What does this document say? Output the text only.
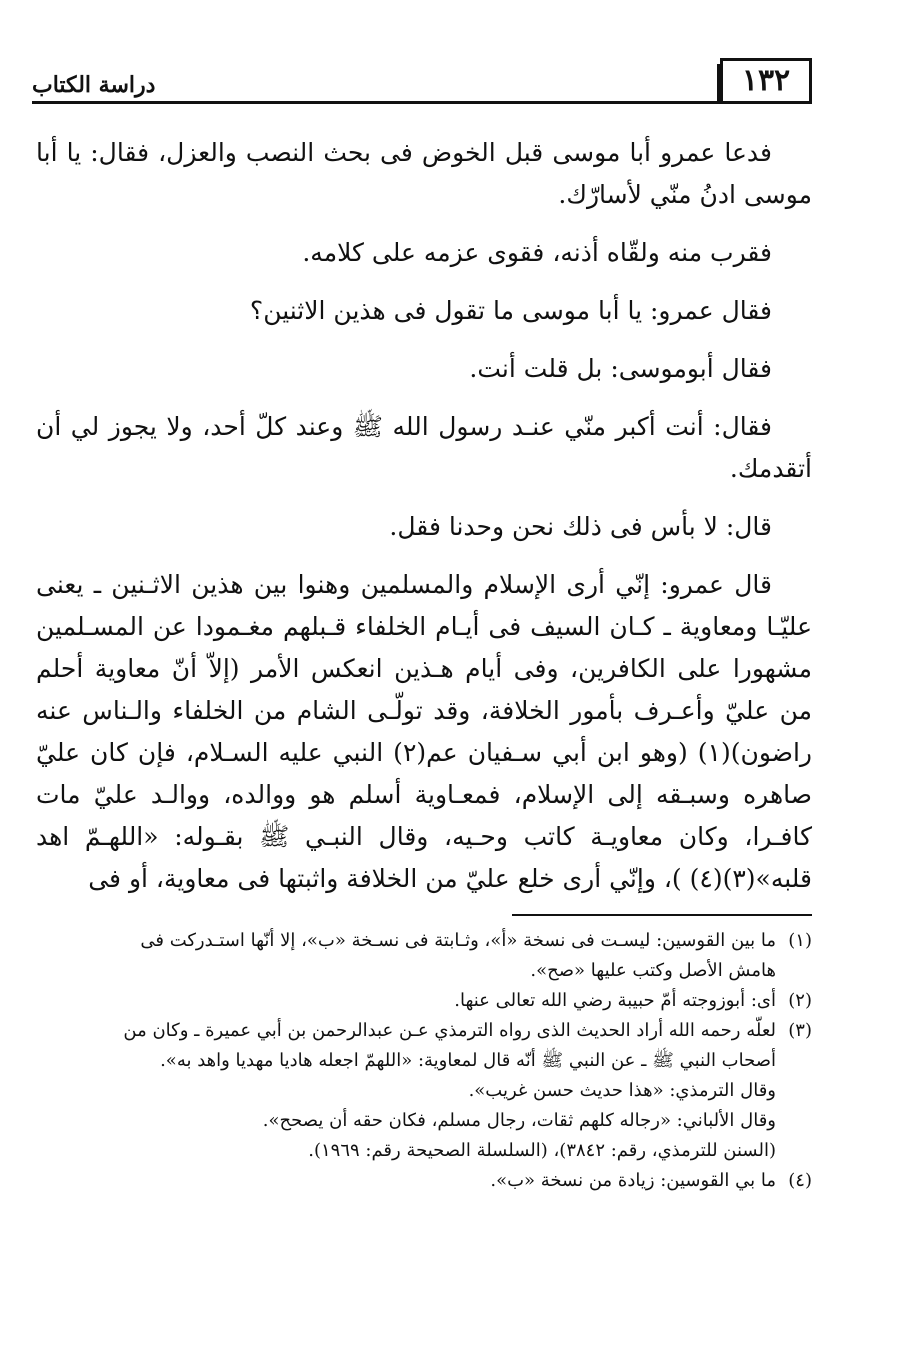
١٣٢
دراسة الكتاب

فدعا عمرو أبا موسى قبل الخوض فى بحث النصب والعزل، فقال: يا أبا موسى ادنُ منّي لأسارّك.

فقرب منه ولقّاه أذنه، فقوى عزمه على كلامه.

فقال عمرو: يا أبا موسى ما تقول فى هذين الاثنين؟

فقال أبوموسى: بل قلت أنت.

فقال: أنت أكبر منّي عنـد رسول الله ﷺ وعند كلّ أحد، ولا يجوز لي أن أتقدمك.

قال: لا بأس فى ذلك نحن وحدنا فقل.

قال عمرو: إنّي أرى الإسلام والمسلمين وهنوا بين هذين الاثـنين ـ يعنى عليّـا ومعاوية ـ كـان السيف فى أيـام الخلفاء قـبلهم مغـمودا عن المسـلمين مشهورا على الكافرين، وفى أيام هـذين انعكس الأمر (إلاّ أنّ معاوية أحلم من عليّ وأعـرف بأمور الخلافة، وقد تولّـى الشام من الخلفاء والـناس عنه راضون)(١) (وهو ابن أبي سـفيان عم(٢) النبي عليه السـلام، فإن كان عليّ صاهره وسبـقه إلى الإسلام، فمعـاوية أسلم هو ووالده، ووالـد عليّ مات كافـرا، وكان معاويـة كاتب وحـيه، وقال النبـي ﷺ بقـوله: «اللهـمّ اهد قلبه»(٣)(٤) )، وإنّي أرى خلع عليّ من الخلافة واثبتها فى معاوية، أو فى

(١)

ما بين القوسين: ليسـت فى نسخة «أ»، وثـابتة فى نسـخة «ب»، إلا أنّها استـدركت فى

هامش الأصل وكتب عليها «صح».

(٢)

أى: أبوزوجته أمّ حبيبة رضي الله تعالى عنها.

(٣)

لعلّه رحمه الله أراد الحديث الذى رواه الترمذي عـن عبدالرحمن بن أبي عميرة ـ وكان من

أصحاب النبي ﷺ ـ عن النبي ﷺ أنّه قال لمعاوية: «اللهمّ اجعله هاديا مهديا واهد به».

وقال الترمذي: «هذا حديث حسن غريب».

وقال الألباني: «رجاله كلهم ثقات، رجال مسلم، فكان حقه أن يصحح».

(السنن للترمذي، رقم: ٣٨٤٢)، (السلسلة الصحيحة رقم: ١٩٦٩).

(٤)

ما بي القوسين: زيادة من نسخة «ب».
